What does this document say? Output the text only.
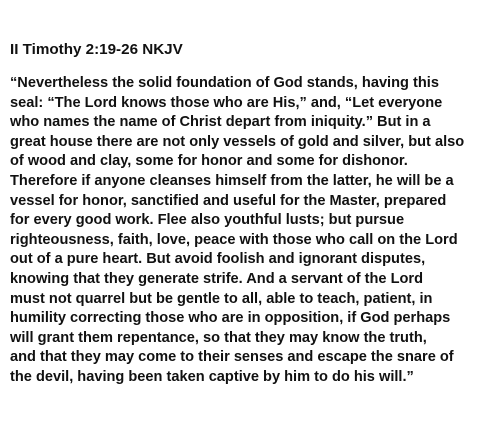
II Timothy 2:19-26 NKJV
“Nevertheless the solid foundation of God stands, having this
seal: “The Lord knows those who are His,” and, “Let everyone
who names the name of Christ depart from iniquity.” But in a
great house there are not only vessels of gold and silver, but also
of wood and clay, some for honor and some for dishonor.
Therefore if anyone cleanses himself from the latter, he will be a
vessel for honor, sanctified and useful for the Master, prepared
for every good work. Flee also youthful lusts; but pursue
righteousness, faith, love, peace with those who call on the Lord
out of a pure heart. But avoid foolish and ignorant disputes,
knowing that they generate strife. And a servant of the Lord
must not quarrel but be gentle to all, able to teach, patient, in
humility correcting those who are in opposition, if God perhaps
will grant them repentance, so that they may know the truth,
and that they may come to their senses and escape the snare of
the devil, having been taken captive by him to do his will.”
